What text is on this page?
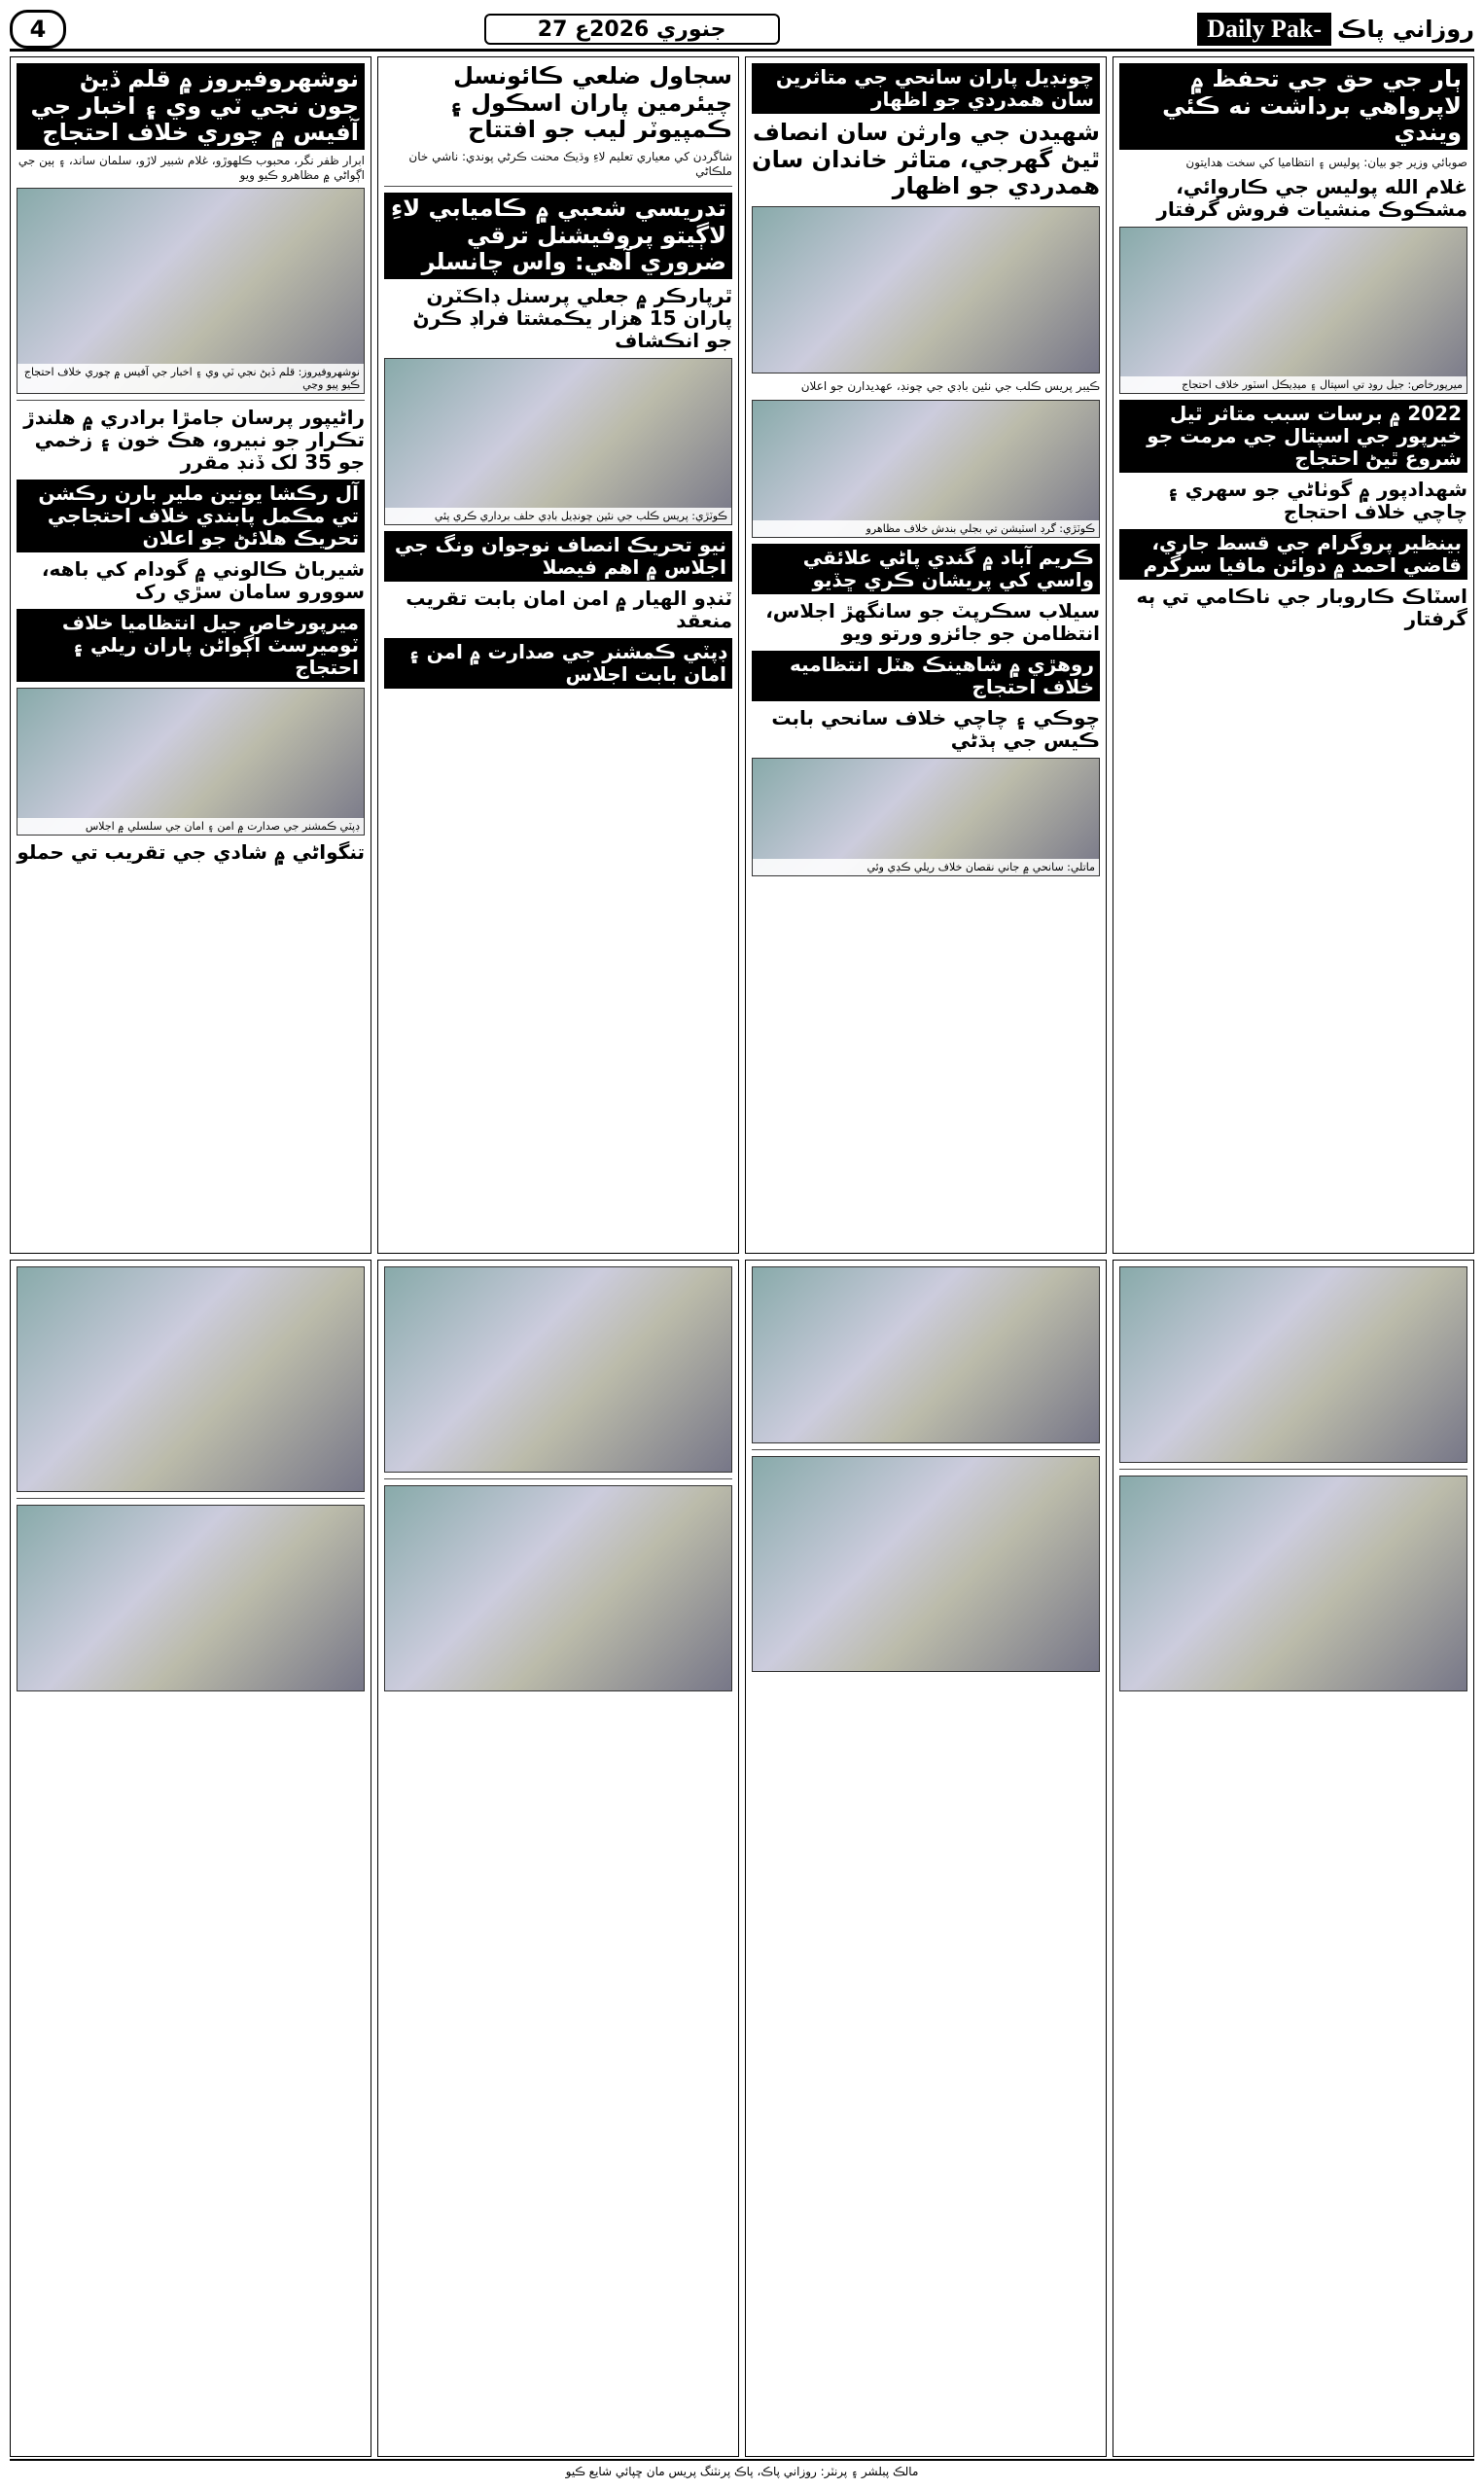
4	27 جنوري 2026ع	Daily Pak- روزاني پاڪ
نوشهروفيروز ۾ قلم ڏيڻ جون نجي ٽي وي ۽ اخبار جي آفيس ۾ چوري خلاف احتجاج
ابرار ظفر نگر، محبوب ڪلهوڙو، غلام شبير لاڙو، سلمان ساند، ۽ ٻين جي اڳواڻي ۾ مظاهرو ڪيو ويو
نوشهروفيروز: قلم ڏيڻ نجي ٽي وي ۽ اخبار جي آفيس ۾ چوري خلاف احتجاج ڪيو پيو وڃي
راڻيپور پرسان جامڙا برادري ۾ هلندڙ تڪرار جو نبيرو، هڪ خون ۽ زخمي جو 35 لک ڏنڊ مقرر
آل رڪشا يونين ملير بارن رڪشن تي مڪمل پابندي خلاف احتجاجي تحريڪ هلائڻ جو اعلان
شيرباڻ ڪالوني ۾ گودام کي باهه، سوورو سامان سڙي رک
ميرپورخاص جيل انتظاميا خلاف ٽوميرسٽ اڳواڻن پاران ريلي ۽ احتجاج
ڊپٽي ڪمشنر جي صدارت ۾ امن ۽ امان جي سلسلي ۾ اجلاس
تنگواڻي ۾ شادي جي تقريب تي حملو
سجاول ضلعي ڪائونسل چيئرمين پاران اسڪول ۽ ڪمپيوٽر ليب جو افتتاح
شاگردن کي معياري تعليم لاءِ وڌيڪ محنت ڪرڻي پوندي: ناشي خان ملڪاڻي
تدريسي شعبي ۾ ڪاميابي لاءِ لاڳيتو پروفيشنل ترقي ضروري آهي: واس چانسلر
ٿرپارڪر ۾ جعلي پرسنل ڊاڪٽرن پاران 15 هزار يڪمشتا فراڊ ڪرڻ جو انڪشاف
ڪوٽڙي: پريس ڪلب جي نئين چونڊيل باڊي حلف برداري ڪري پئي
نيو تحريڪ انصاف نوجوان ونگ جي اجلاس ۾ اهم فيصلا
ٽنڊو الهيار ۾ امن امان بابت تقريب منعقد
ڊپٽي ڪمشنر جي صدارت ۾ امن ۽ امان بابت اجلاس
چونڊيل پاران سانحي جي متاثرين سان همدردي جو اظهار
شهيدن جي وارثن سان انصاف ٿيڻ گهرجي، متاثر خاندان سان همدردي جو اظهار
ڪيبر پريس ڪلب جي نئين باڊي جي چونڊ، عهديدارن جو اعلان
ڪوٽڙي: گرڊ اسٽيشن تي بجلي بندش خلاف مظاهرو
ڪريم آباد ۾ گندي پاڻي علائقي واسي کي پريشان ڪري ڇڏيو
سيلاب سڪرپٽ جو سانگهڙ اجلاس، انتظامن جو جائزو ورتو ويو
روهڙي ۾ شاهينڪ هٽل انتظاميه خلاف احتجاج
چوڪي ۽ چاچي خلاف سانحي بابت ڪيس جي ٻڌڻي
ماتلي: سانحي ۾ جاني نقصان خلاف ريلي ڪڍي وئي
ٻار جي حق جي تحفظ ۾ لاپرواهي برداشت نه ڪئي ويندي
صوبائي وزير جو بيان: پوليس ۽ انتظاميا کي سخت هدايتون
غلام الله پوليس جي ڪاروائي، مشڪوڪ منشيات فروش گرفتار
ميرپورخاص: جيل روڊ تي اسپتال ۽ ميڊيڪل اسٽور خلاف احتجاج
2022 ۾ برسات سبب متاثر ٿيل خيرپور جي اسپتال جي مرمت جو شروع ٿيڻ احتجاج
شهدادپور ۾ گوٺاڻي جو سهري ۽ چاچي خلاف احتجاج
بينظير پروگرام جي قسط جاري، قاضي احمد ۾ دوائن مافيا سرگرم
اسٽاڪ ڪاروبار جي ناڪامي تي ٻه گرفتار
مالڪ پبلشر ۽ پرنٽر: روزاني پاڪ، پاڪ پرنٽنگ پريس مان ڇپائي شايع ڪيو
